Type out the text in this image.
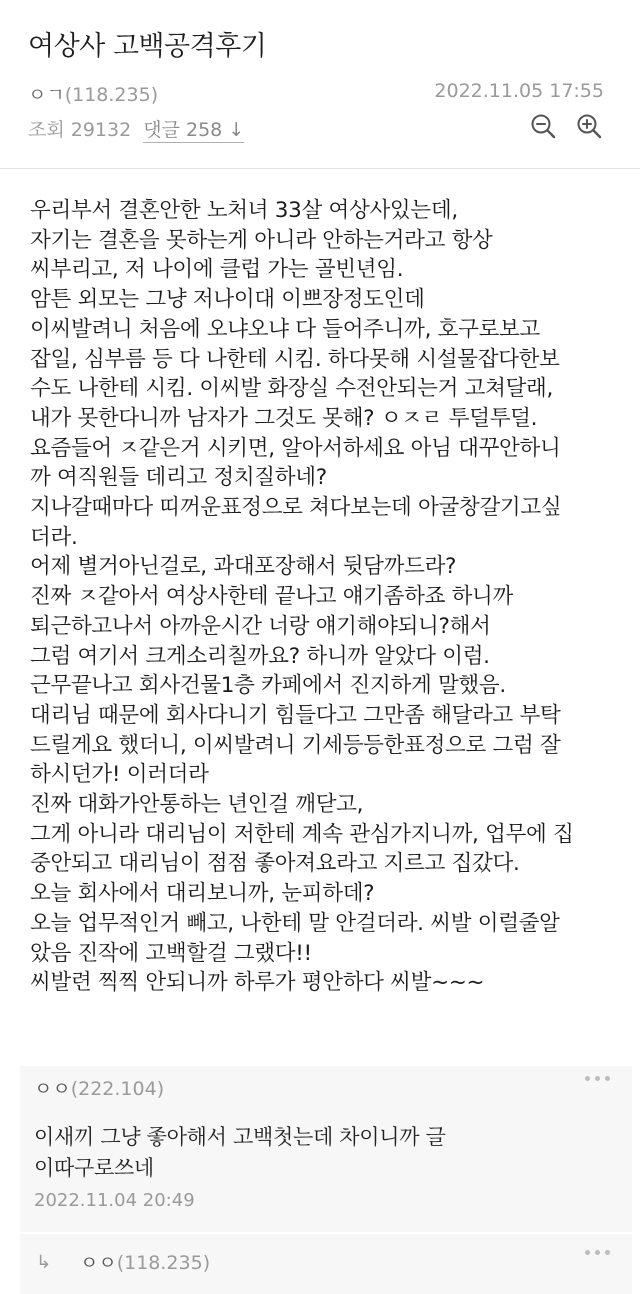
여상사 고백공격후기
ㅇㄱ(118.235)	2022.11.05 17:55
조회 29132 댓글 258 ↓
우리부서 결혼안한 노처녀 33살 여상사있는데,
자기는 결혼을 못하는게 아니라 안하는거라고 항상
씨부리고, 저 나이에 클럽 가는 골빈년임.
암튼 외모는 그냥 저나이대 이쁘장정도인데
이씨발려니 처음에 오냐오냐 다 들어주니까, 호구로보고
잡일, 심부름 등 다 나한테 시킴. 하다못해 시설물잡다한보
수도 나한테 시킴. 이씨발 화장실 수전안되는거 고쳐달래,
내가 못한다니까 남자가 그것도 못해? ㅇㅈㄹ 투덜투덜.
요즘들어 ㅈ같은거 시키면, 알아서하세요 아님 대꾸안하니
까 여직원들 데리고 정치질하네?
지나갈때마다 띠꺼운표정으로 쳐다보는데 아굴창갈기고싶
더라.
어제 별거아닌걸로, 과대포장해서 뒷담까드라?
진짜 ㅈ같아서 여상사한테 끝나고 얘기좀하죠 하니까
퇴근하고나서 아까운시간 너랑 얘기해야되니?해서
그럼 여기서 크게소리칠까요? 하니까 알았다 이럼.
근무끝나고 회사건물1층 카페에서 진지하게 말했음.
대리님 때문에 회사다니기 힘들다고 그만좀 해달라고 부탁
드릴게요 했더니, 이씨발려니 기세등등한표정으로 그럼 잘
하시던가! 이러더라
진짜 대화가안통하는 년인걸 깨닫고,
그게 아니라 대리님이 저한테 계속 관심가지니까, 업무에 집
중안되고 대리님이 점점 좋아져요라고 지르고 집갔다.
오늘 회사에서 대리보니까, 눈피하데?
오늘 업무적인거 빼고, 나한테 말 안걸더라. 씨발 이럴줄알
았음 진작에 고백할걸 그랬다!!
씨발련 찍찍 안되니까 하루가 평안하다 씨발~~~
ㅇㅇ(222.104)
이새끼 그냥 좋아해서 고백첫는데 차이니까 글
이따구로쓰네
2022.11.04 20:49
↳ ㅇㅇ(118.235)
